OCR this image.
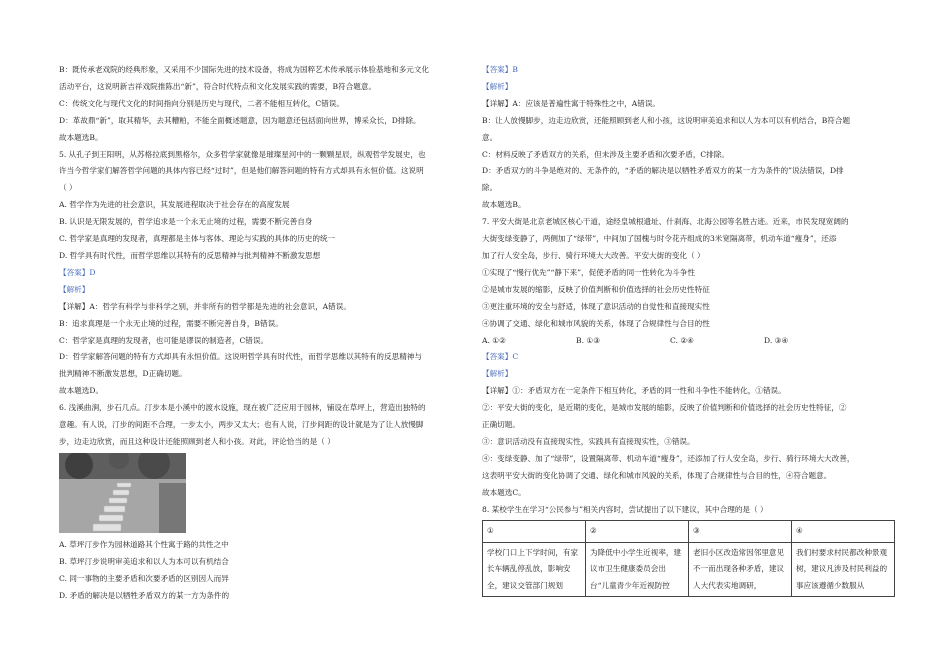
B：既传承老戏院的经典形象，又采用不少国际先进的技术设备，将成为国粹艺术传承展示体验基地和多元文化
活动平台，这说明新吉祥戏院推陈出“新”，符合时代特点和文化发展实践的需要，B符合题意。
C：传统文化与现代文化的时间指向分别是历史与现代，二者不能相互转化，C错误。
D：革故鼎“新”，取其精华，去其糟粕，不能全面概述题意，因为题意还包括面向世界，博采众长，D排除。
故本题选B。
5. 从孔子到王阳明，从苏格拉底到黑格尔，众多哲学家就像是璀璨星河中的一颗颗星辰，纵观哲学发展史，也
许当今哲学家们解答哲学问题的具体内容已经“过时”，但是他们解答问题的特有方式却具有永恒价值。这说明
（ ）
A. 哲学作为先进的社会意识，其发展进程取决于社会存在的高度发展
B. 认识是无限发展的，哲学追求是一个永无止境的过程，需要不断完善自身
C. 哲学家是真理的发现者，真理都是主体与客体、理论与实践的具体的历史的统一
D. 哲学具有时代性，而哲学思维以其特有的反思精神与批判精神不断激发思想
【答案】D
【解析】
【详解】A：哲学有科学与非科学之别，并非所有的哲学都是先进的社会意识，A错误。
B：追求真理是一个永无止境的过程，需要不断完善自身，B错误。
C：哲学家是真理的发现者，也可能是谬误的制造者，C错误。
D：哲学家解答问题的特有方式却具有永恒价值。这说明哲学具有时代性，而哲学思维以其特有的反思精神与
批判精神不断激发思想，D正确切题。
故本题选D。
6. 浅溪曲涧，步石几点。汀步本是小溪中的渡水设施，现在被广泛应用于园林，铺设在草坪上，营造出独特的
意趣。有人说，汀步的间距不合理，一步太小，两步又太大；也有人说，汀步间距的设计就是为了让人放慢脚
步，边走边欣赏，而且这种设计还能照顾到老人和小孩。对此，评论恰当的是（ ）
A. 草坪汀步作为园林道路其个性寓于路的共性之中
B. 草坪汀步说明审美追求和以人为本可以有机结合
C. 同一事物的主要矛盾和次要矛盾的区别因人而异
D. 矛盾的解决是以牺牲矛盾双方的某一方为条件的
【答案】B
【解析】
【详解】A：应该是普遍性寓于特殊性之中，A错误。
B：让人放慢脚步，边走边欣赏，还能照顾到老人和小孩，这说明审美追求和以人为本可以有机结合，B符合题
意。
C：材料反映了矛盾双方的关系，但未涉及主要矛盾和次要矛盾，C排除。
D：矛盾双方的斗争是绝对的、无条件的，“矛盾的解决是以牺牲矛盾双方的某一方为条件的”说法错误，D排
除。
故本题选B。
7. 平安大街是北京老城区核心干道，途经皇城根遗址、什刹海、北海公园等名胜古迹。近来，市民发现宽阔的
大街变绿变静了，两侧加了“绿带”，中间加了国槐与时令花卉组成的3米宽隔离带，机动车道“瘦身”，还添
加了行人安全岛，步行、骑行环境大大改善。平安大街的变化（ ）
①实现了“慢行优先”“静下来”，促使矛盾的同一性转化为斗争性
②是城市发展的缩影，反映了价值判断和价值选择的社会历史性特征
③更注重环境的安全与舒适，体现了意识活动的自觉性和直接现实性
④协调了交通、绿化和城市风貌的关系，体现了合规律性与合目的性
A. ①②	B. ①③	C. ②④	D. ③④
【答案】C
【解析】
【详解】①：矛盾双方在一定条件下相互转化，矛盾的同一性和斗争性不能转化，①错误。
②：平安大街的变化，是近期的变化，是城市发展的缩影，反映了价值判断和价值选择的社会历史性特征，②
正确切题。
③：意识活动没有直接现实性，实践具有直接现实性，③错误。
④：变绿变静、加了“绿带”，设置隔离带、机动车道“瘦身”，还添加了行人安全岛，步行、骑行环境大大改善，
这表明平安大街的变化协调了交通、绿化和城市风貌的关系，体现了合规律性与合目的性，④符合题意。
故本题选C。
8. 某校学生在学习“公民参与”相关内容时，尝试提出了以下建议，其中合理的是（ ）
①	②	③	④
学校门口上下学时间，有家长车辆乱停乱放，影响安全，建议交管部门规划	为降低中小学生近视率，建议市卫生健康委员会出台“儿童青少年近视防控	老旧小区改造常因邻里意见不一而出现各种矛盾，建议人大代表实地调研，	我们村要求村民都改种景观树，建议凡涉及村民利益的事应该遵循少数服从
